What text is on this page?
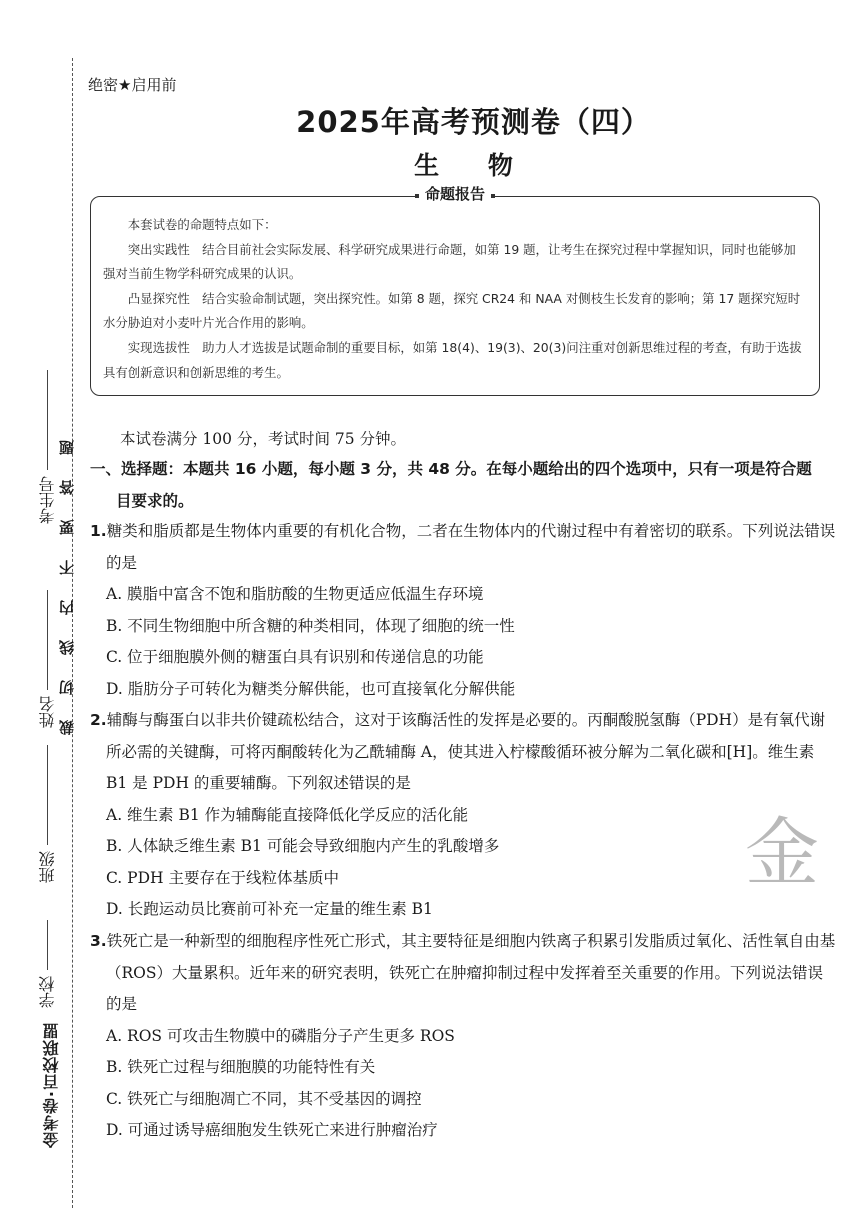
学校
班级
姓名
考生号
题
答
要
不
内
线
切
裁
金考卷·百校联盟
绝密★启用前
2025年高考预测卷（四）
生 物
命题报告

本套试卷的命题特点如下：

突出实践性　结合目前社会实际发展、科学研究成果进行命题，如第 19 题，让考生在探究过程中掌握知识，同时也能够加强对当前生物学科研究成果的认识。

凸显探究性　结合实验命制试题，突出探究性。如第 8 题，探究 CR24 和 NAA 对侧枝生长发育的影响；第 17 题探究短时水分胁迫对小麦叶片光合作用的影响。

实现选拔性　助力人才选拔是试题命制的重要目标，如第 18(4)、19(3)、20(3)问注重对创新思维过程的考查，有助于选拔具有创新意识和创新思维的考生。

本试卷满分 100 分，考试时间 75 分钟。
一、选择题：本题共 16 小题，每小题 3 分，共 48 分。在每小题给出的四个选项中，只有一项是符合题
目要求的。
1.糖类和脂质都是生物体内重要的有机化合物，二者在生物体内的代谢过程中有着密切的联系。下列说法错误的是
A. 膜脂中富含不饱和脂肪酸的生物更适应低温生存环境
B. 不同生物细胞中所含糖的种类相同，体现了细胞的统一性
C. 位于细胞膜外侧的糖蛋白具有识别和传递信息的功能
D. 脂肪分子可转化为糖类分解供能，也可直接氧化分解供能
2.辅酶与酶蛋白以非共价键疏松结合，这对于该酶活性的发挥是必要的。丙酮酸脱氢酶（PDH）是有氧代谢所必需的关键酶，可将丙酮酸转化为乙酰辅酶 A，使其进入柠檬酸循环被分解为二氧化碳和[H]。维生素 B1 是 PDH 的重要辅酶。下列叙述错误的是
A. 维生素 B1 作为辅酶能直接降低化学反应的活化能
B. 人体缺乏维生素 B1 可能会导致细胞内产生的乳酸增多
C. PDH 主要存在于线粒体基质中
D. 长跑运动员比赛前可补充一定量的维生素 B1
3.铁死亡是一种新型的细胞程序性死亡形式，其主要特征是细胞内铁离子积累引发脂质过氧化、活性氧自由基（ROS）大量累积。近年来的研究表明，铁死亡在肿瘤抑制过程中发挥着至关重要的作用。下列说法错误的是
A. ROS 可攻击生物膜中的磷脂分子产生更多 ROS
B. 铁死亡过程与细胞膜的功能特性有关
C. 铁死亡与细胞凋亡不同，其不受基因的调控
D. 可通过诱导癌细胞发生铁死亡来进行肿瘤治疗
金
